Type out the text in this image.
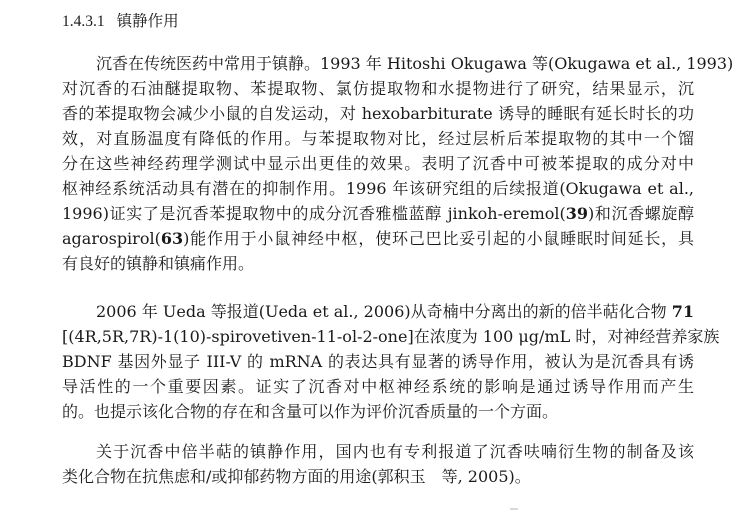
1.4.3.1 镇静作用
沉香在传统医药中常用于镇静。1993 年 Hitoshi Okugawa 等(Okugawa et al., 1993)
对沉香的石油醚提取物、苯提取物、氯仿提取物和水提物进行了研究，结果显示，沉
香的苯提取物会减少小鼠的自发运动，对 hexobarbiturate 诱导的睡眠有延长时长的功
效，对直肠温度有降低的作用。与苯提取物对比，经过层析后苯提取物的其中一个馏
分在这些神经药理学测试中显示出更佳的效果。表明了沉香中可被苯提取的成分对中
枢神经系统活动具有潜在的抑制作用。1996 年该研究组的后续报道(Okugawa et al.,
1996)证实了是沉香苯提取物中的成分沉香雅槛蓝醇 jinkoh-eremol(39)和沉香螺旋醇
agarospirol(63)能作用于小鼠神经中枢，使环己巴比妥引起的小鼠睡眠时间延长，具
有良好的镇静和镇痛作用。
2006 年 Ueda 等报道(Ueda et al., 2006)从奇楠中分离出的新的倍半萜化合物 71
[(4R,5R,7R)-1(10)-spirovetiven-11-ol-2-one]在浓度为 100 μg/mL 时，对神经营养家族
BDNF 基因外显子 III-V 的 mRNA 的表达具有显著的诱导作用，被认为是沉香具有诱
导活性的一个重要因素。证实了沉香对中枢神经系统的影响是通过诱导作用而产生
的。也提示该化合物的存在和含量可以作为评价沉香质量的一个方面。
关于沉香中倍半萜的镇静作用，国内也有专利报道了沉香呋喃衍生物的制备及该
类化合物在抗焦虑和/或抑郁药物方面的用途(郭积玉　等, 2005)。
